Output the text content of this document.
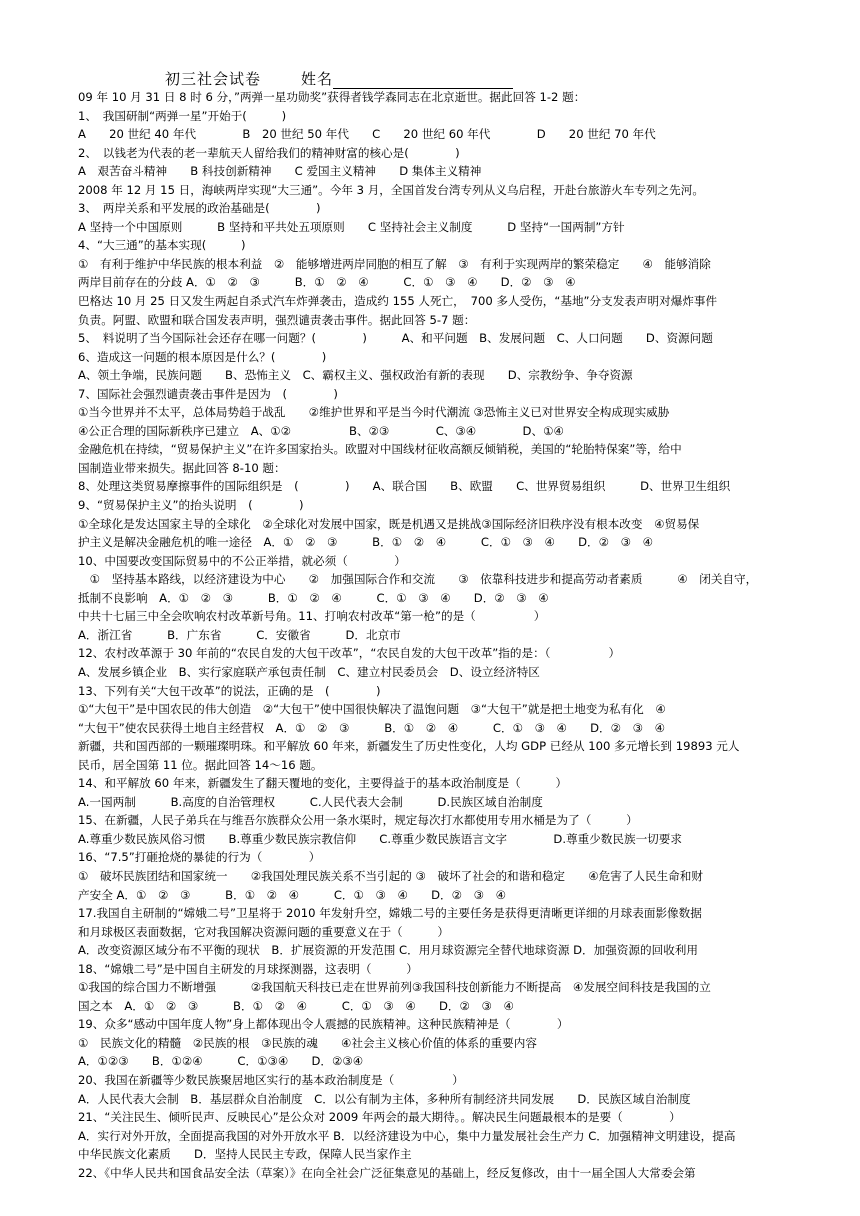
初三社会试卷	姓名
09 年 10 月 31 日 8 时 6 分，”两弹一星功勋奖”获得者钱学森同志在北京逝世。据此回答 1-2 题：
1、　我国研制“两弹一星”开始于(　　　)
A　　20 世纪 40 年代　　　　B　20 世纪 50 年代　　C　　20 世纪 60 年代　　　　D　　20 世纪 70 年代
2、　以钱老为代表的老一辈航天人留给我们的精神财富的核心是(　　　　)
A　艰苦奋斗精神　　B 科技创新精神　　C 爱国主义精神　　D 集体主义精神
2008 年 12 月 15 日，海峡两岸实现“大三通”。今年 3 月，全国首发台湾专列从义乌启程，开赴台旅游火车专列之先河。
3、　两岸关系和平发展的政治基础是(　　　　)
A 坚持一个中国原则　　　B 坚持和平共处五项原则　　C 坚持社会主义制度　　　D 坚持“一国两制”方针
4、“大三通”的基本实现(　　　)
①　有利于维护中华民族的根本利益　②　能够增进两岸同胞的相互了解　③　有利于实现两岸的繁荣稳定　　④　能够消除
两岸目前存在的分歧 A．①　②　③　　　B．①　②　④　　　C．①　③　④　　D．②　③　④
巴格达 10 月 25 日又发生两起自杀式汽车炸弹袭击，造成约 155 人死亡，　700 多人受伤，“基地”分支发表声明对爆炸事件
负责。阿盟、欧盟和联合国发表声明，强烈谴责袭击事件。据此回答 5-7 题：
5、　料说明了当今国际社会还存在哪一问题？(　　　　)　　　A、和平问题　B、发展问题　C、人口问题　　D、资源问题
6、造成这一问题的根本原因是什么？(　　　　)
A、领土争端，民族问题　　B、恐怖主义　C、霸权主义、强权政治有新的表现　　D、宗教纷争、争夺资源
7、国际社会强烈谴责袭击事件是因为　(　　　　)
①当今世界并不太平，总体局势趋于战乱　　②维护世界和平是当今时代潮流 ③恐怖主义已对世界安全构成现实威胁
④公正合理的国际新秩序已建立　A、①②　　　　　B、②③　　　　C、③④　　　　D、①④
金融危机在持续，“贸易保护主义”在许多国家抬头。欧盟对中国线材征收高额反倾销税，美国的“轮胎特保案”等，给中
国制造业带来损失。据此回答 8-10 题：
8、处理这类贸易摩擦事件的国际组织是　(　　　　)　　A、联合国　　B、欧盟　　C、世界贸易组织　　　D、世界卫生组织
9、“贸易保护主义”的抬头说明　(　　　　)
①全球化是发达国家主导的全球化　②全球化对发展中国家，既是机遇又是挑战③国际经济旧秩序没有根本改变　④贸易保
护主义是解决金融危机的唯一途径　A．①　②　③　　　B．①　②　④　　　C．①　③　④　　D．②　③　④
10、中国要改变国际贸易中的不公正举措，就必须（　　　　）
　①　坚持基本路线，以经济建设为中心　　②　加强国际合作和交流　　③　依靠科技进步和提高劳动者素质　　　④　闭关自守，
抵制不良影响　A．①　②　③　　　B．①　②　④　　　C．①　③　④　　D．②　③　④
中共十七届三中全会吹响农村改革新号角。11、打响农村改革“第一枪”的是（　　　　　）
A．浙江省　　　B．广东省　　　C．安徽省　　　D．北京市
12、农村改革源于 30 年前的“农民自发的大包干改革”，“农民自发的大包干改革”指的是：（　　　　　）
A、发展乡镇企业　B、实行家庭联产承包责任制　C、建立村民委员会　D、设立经济特区
13、下列有关“大包干改革”的说法，正确的是　(　　　　)
①“大包干”是中国农民的伟大创造　②“大包干”使中国很快解决了温饱问题　③“大包干”就是把土地变为私有化　④
“大包干”使农民获得土地自主经营权　A．①　②　③　　　B．①　②　④　　　C．①　③　④　　D．②　③　④
新疆，共和国西部的一颗璀璨明珠。和平解放 60 年来，新疆发生了历史性变化，人均 GDP 已经从 100 多元增长到 19893 元人
民币，居全国第 11 位。据此回答 14～16 题。
14、和平解放 60 年来，新疆发生了翻天覆地的变化，主要得益于的基本政治制度是（　　　）
A.一国两制　　　B.高度的自治管理权　　　C.人民代表大会制　　　D.民族区域自治制度
15、在新疆，人民子弟兵在与维吾尔族群众公用一条水渠时，规定每次打水都使用专用水桶是为了（　　　）
A.尊重少数民族风俗习惯　　B.尊重少数民族宗教信仰　　C.尊重少数民族语言文字　　　　D.尊重少数民族一切要求
16、“7.5”打砸抢烧的暴徒的行为（　　　　）
①　破坏民族团结和国家统一　　②我国处理民族关系不当引起的 ③　破坏了社会的和谐和稳定　　④危害了人民生命和财
产安全 A．①　②　③　　　B．①　②　④　　　C．①　③　④　　D．②　③　④
17.我国自主研制的“嫦娥二号”卫星将于 2010 年发射升空，嫦娥二号的主要任务是获得更清晰更详细的月球表面影像数据
和月球极区表面数据，它对我国解决资源问题的重要意义在于（　　　）
A．改变资源区域分布不平衡的现状　B．扩展资源的开发范围 C．用月球资源完全替代地球资源 D．加强资源的回收利用
18、“嫦娥二号”是中国自主研发的月球探测器，这表明（　　　）
①我国的综合国力不断增强　　　②我国航天科技已走在世界前列③我国科技创新能力不断提高　④发展空间科技是我国的立
国之本　A．①　②　③　　　B．①　②　④　　　C．①　③　④　　D．②　③　④
19、众多“感动中国年度人物”身上都体现出令人震撼的民族精神。这种民族精神是（　　　　）
①　民族文化的精髓　②民族的根　③民族的魂　　④社会主义核心价值的体系的重要内容
A．①②③　　B．①②④　　　C．①③④　　D．②③④
20、我国在新疆等少数民族聚居地区实行的基本政治制度是（　　　　　）
A．人民代表大会制　B．基层群众自治制度　C．以公有制为主体，多种所有制经济共同发展　　D．民族区域自治制度
21、“关注民生、倾听民声、反映民心”是公众对 2009 年两会的最大期待。。解决民生问题最根本的是要（　　　　）
A．实行对外开放，全面提高我国的对外开放水平 B．以经济建设为中心，集中力量发展社会生产力 C．加强精神文明建设，提高
中华民族文化素质　　D．坚持人民民主专政，保障人民当家作主
22、《中华人民共和国食品安全法（草案）》在向全社会广泛征集意见的基础上，经反复修改，由十一届全国人大常委会第
